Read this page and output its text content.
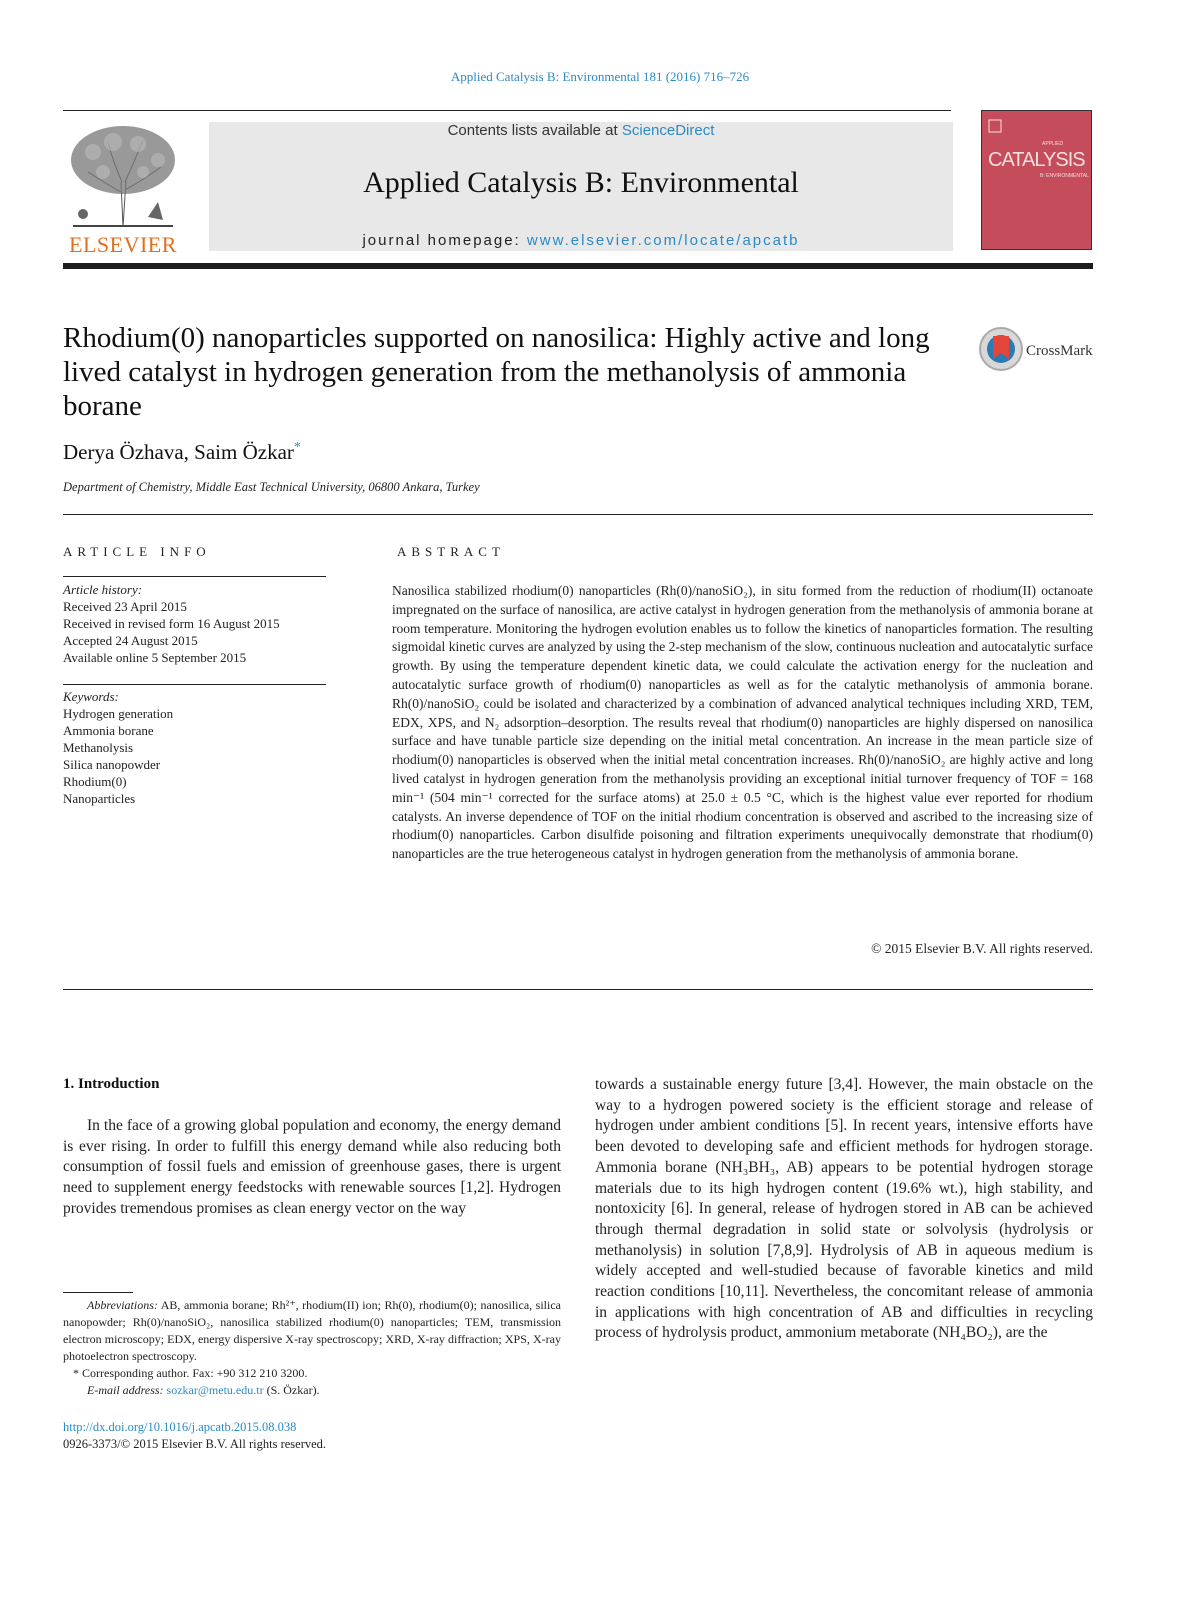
Applied Catalysis B: Environmental 181 (2016) 716–726
ELSEVIER
Contents lists available at ScienceDirect
Applied Catalysis B: Environmental
journal homepage: www.elsevier.com/locate/apcatb
APPLIED
CATALYSIS
B: ENVIRONMENTAL
Rhodium(0) nanoparticles supported on nanosilica: Highly active and long lived catalyst in hydrogen generation from the methanolysis of ammonia borane
CrossMark
Derya Özhava, Saim Özkar*
Department of Chemistry, Middle East Technical University, 06800 Ankara, Turkey
ARTICLE INFO	ABSTRACT
Article history:
Received 23 April 2015
Received in revised form 16 August 2015
Accepted 24 August 2015
Available online 5 September 2015
Keywords:
Hydrogen generation
Ammonia borane
Methanolysis
Silica nanopowder
Rhodium(0)
Nanoparticles
Nanosilica stabilized rhodium(0) nanoparticles (Rh(0)/nanoSiO₂), in situ formed from the reduction of rhodium(II) octanoate impregnated on the surface of nanosilica, are active catalyst in hydrogen generation from the methanolysis of ammonia borane at room temperature. Monitoring the hydrogen evolution enables us to follow the kinetics of nanoparticles formation. The resulting sigmoidal kinetic curves are analyzed by using the 2-step mechanism of the slow, continuous nucleation and autocatalytic surface growth. By using the temperature dependent kinetic data, we could calculate the activation energy for the nucleation and autocatalytic surface growth of rhodium(0) nanoparticles as well as for the catalytic methanolysis of ammonia borane. Rh(0)/nanoSiO₂ could be isolated and characterized by a combination of advanced analytical techniques including XRD, TEM, EDX, XPS, and N₂ adsorption–desorption. The results reveal that rhodium(0) nanoparticles are highly dispersed on nanosilica surface and have tunable particle size depending on the initial metal concentration. An increase in the mean particle size of rhodium(0) nanoparticles is observed when the initial metal concentration increases. Rh(0)/nanoSiO₂ are highly active and long lived catalyst in hydrogen generation from the methanolysis providing an exceptional initial turnover frequency of TOF = 168 min⁻¹ (504 min⁻¹ corrected for the surface atoms) at 25.0 ± 0.5 °C, which is the highest value ever reported for rhodium catalysts. An inverse dependence of TOF on the initial rhodium concentration is observed and ascribed to the increasing size of rhodium(0) nanoparticles. Carbon disulfide poisoning and filtration experiments unequivocally demonstrate that rhodium(0) nanoparticles are the true heterogeneous catalyst in hydrogen generation from the methanolysis of ammonia borane.
© 2015 Elsevier B.V. All rights reserved.
1. Introduction

In the face of a growing global population and economy, the energy demand is ever rising. In order to fulfill this energy demand while also reducing both consumption of fossil fuels and emission of greenhouse gases, there is urgent need to supplement energy feedstocks with renewable sources [1,2]. Hydrogen provides tremendous promises as clean energy vector on the way

towards a sustainable energy future [3,4]. However, the main obstacle on the way to a hydrogen powered society is the efficient storage and release of hydrogen under ambient conditions [5]. In recent years, intensive efforts have been devoted to developing safe and efficient methods for hydrogen storage. Ammonia borane (NH₃BH₃, AB) appears to be potential hydrogen storage materials due to its high hydrogen content (19.6% wt.), high stability, and nontoxicity [6]. In general, release of hydrogen stored in AB can be achieved through thermal degradation in solid state or solvolysis (hydrolysis or methanolysis) in solution [7,8,9]. Hydrolysis of AB in aqueous medium is widely accepted and well-studied because of favorable kinetics and mild reaction conditions [10,11]. Nevertheless, the concomitant release of ammonia in applications with high concentration of AB and difficulties in recycling process of hydrolysis product, ammonium metaborate (NH₄BO₂), are the

Abbreviations: AB, ammonia borane; Rh²⁺, rhodium(II) ion; Rh(0), rhodium(0); nanosilica, silica nanopowder; Rh(0)/nanoSiO₂, nanosilica stabilized rhodium(0) nanoparticles; TEM, transmission electron microscopy; EDX, energy dispersive X-ray spectroscopy; XRD, X-ray diffraction; XPS, X-ray photoelectron spectroscopy.

* Corresponding author. Fax: +90 312 210 3200.

E-mail address: sozkar@metu.edu.tr (S. Özkar).

http://dx.doi.org/10.1016/j.apcatb.2015.08.038
0926-3373/© 2015 Elsevier B.V. All rights reserved.
